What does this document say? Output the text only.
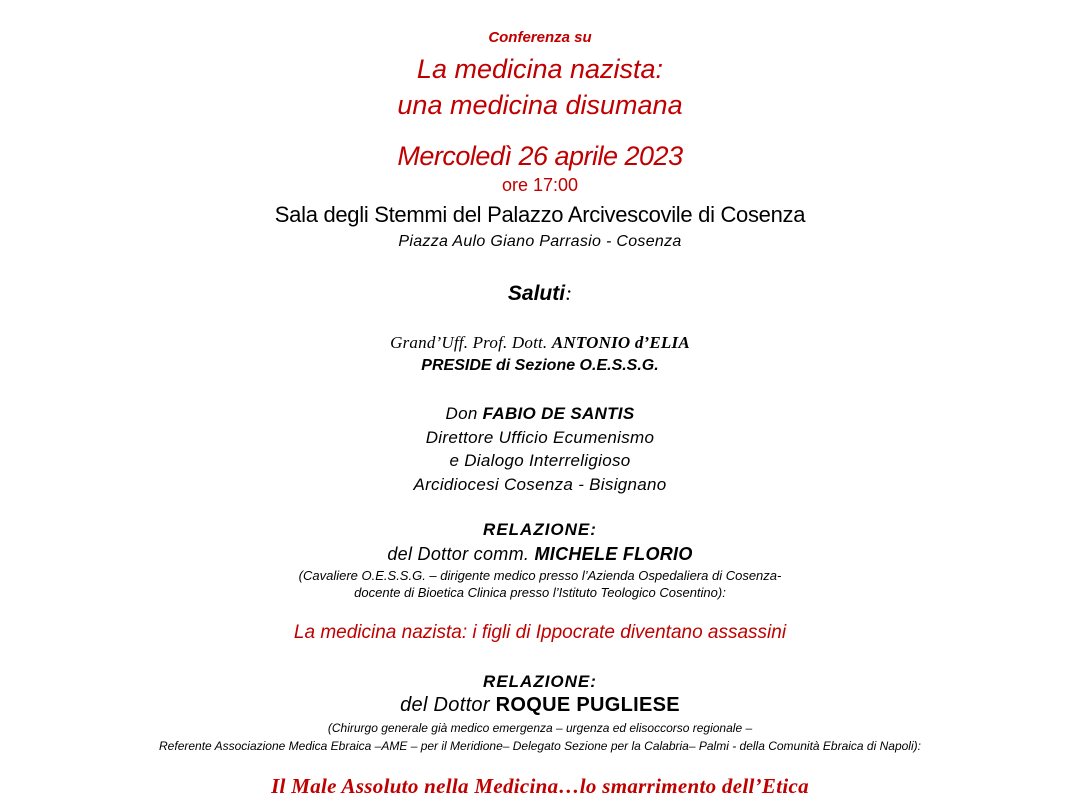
Conferenza su
La medicina nazista:
una medicina disumana
Mercoledì 26 aprile 2023
ore 17:00
Sala degli Stemmi del Palazzo Arcivescovile di Cosenza
Piazza Aulo Giano Parrasio - Cosenza
Saluti:
Grand’Uff. Prof. Dott. ANTONIO d’ELIA
PRESIDE di Sezione O.E.S.S.G.
Don FABIO DE SANTIS
Direttore Ufficio Ecumenismo
e Dialogo Interreligioso
Arcidiocesi Cosenza - Bisignano
RELAZIONE:
del Dottor comm. MICHELE FLORIO
(Cavaliere O.E.S.S.G. – dirigente medico presso l’Azienda Ospedaliera di Cosenza-
docente di Bioetica Clinica presso l’Istituto Teologico Cosentino):
La medicina nazista: i figli di Ippocrate diventano assassini
RELAZIONE:
del Dottor ROQUE PUGLIESE
(Chirurgo generale già medico emergenza – urgenza ed elisoccorso regionale –
Referente Associazione Medica Ebraica –AME – per il Meridione– Delegato Sezione per la Calabria– Palmi - della Comunità Ebraica di Napoli):
Il Male Assoluto nella Medicina…lo smarrimento dell’Etica
